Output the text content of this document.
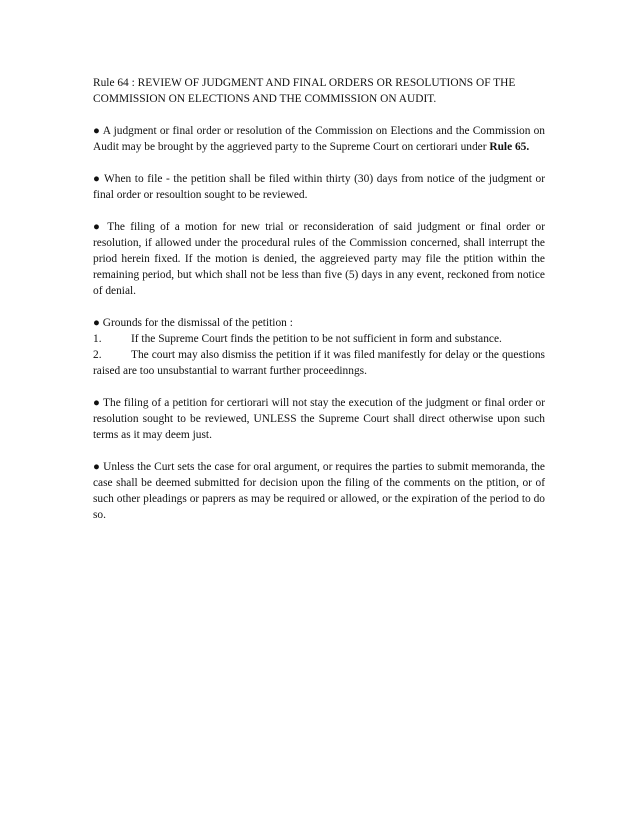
Rule 64 : REVIEW OF JUDGMENT AND FINAL ORDERS OR RESOLUTIONS OF THE COMMISSION ON ELECTIONS AND THE COMMISSION ON AUDIT.

● A judgment or final order or resolution of the Commission on Elections and the Commission on Audit may be brought by the aggrieved party to the Supreme Court on certiorari under Rule 65.

● When to file - the petition shall be filed within thirty (30) days from notice of the judgment or final order or resoultion sought to be reviewed.

● The filing of a motion for new trial or reconsideration of said judgment or final order or resolution, if allowed under the procedural rules of the Commission concerned, shall interrupt the priod herein fixed. If the motion is denied, the aggreieved party may file the ptition within the remaining period, but which shall not be less than five (5) days in any event, reckoned from notice of denial.

● Grounds for the dismissal of the petition :

1.	If the Supreme Court finds the petition to be not sufficient in form and substance.

2.	The court may also dismiss the petition if it was filed manifestly for delay or the questions raised are too unsubstantial to warrant further proceedinngs.

● The filing of a petition for certiorari will not stay the execution of the judgment or final order or resolution sought to be reviewed, UNLESS the Supreme Court shall direct otherwise upon such terms as it may deem just.

● Unless the Curt sets the case for oral argument, or requires the parties to submit memoranda, the case shall be deemed submitted for decision upon the filing of the comments on the ptition, or of such other pleadings or paprers as may be required or allowed, or the expiration of the period to do so.
